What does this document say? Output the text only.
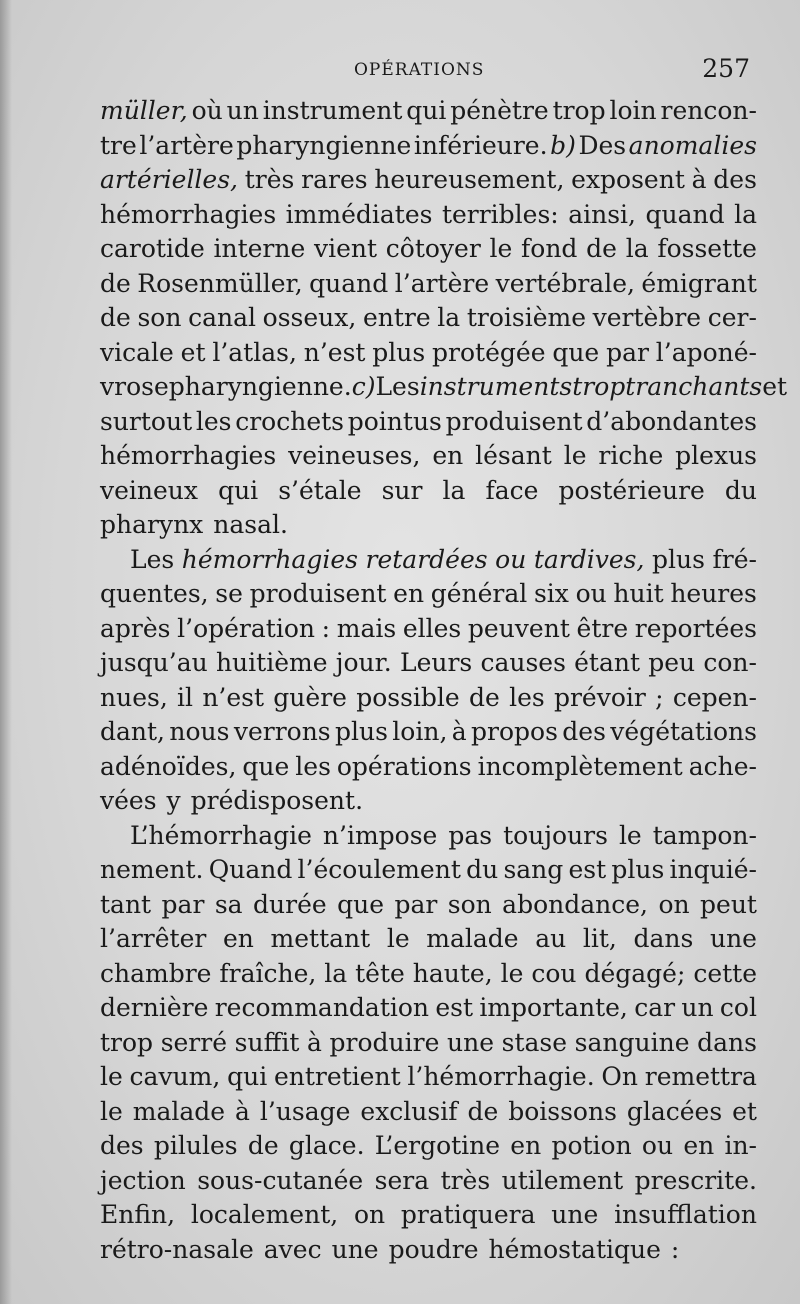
OPÉRATIONS	257
müller, où un instrument qui pénètre trop loin rencon-
tre l’artère pharyngienne inférieure. b) Des anomalies
artérielles, très rares heureusement, exposent à des
hémorrhagies immédiates terribles: ainsi, quand la
carotide interne vient côtoyer le fond de la fossette
de Rosenmüller, quand l’artère vertébrale, émigrant
de son canal osseux, entre la troisième vertèbre cer-
vicale et l’atlas, n’est plus protégée que par l’aponé-
vrose pharyngienne. c) Les instruments trop tranchants et
surtout les crochets pointus produisent d’abondantes
hémorrhagies veineuses, en lésant le riche plexus
veineux qui s’étale sur la face postérieure du
pharynx nasal.
Les hémorrhagies retardées ou tardives, plus fré-
quentes, se produisent en général six ou huit heures
après l’opération : mais elles peuvent être reportées
jusqu’au huitième jour. Leurs causes étant peu con-
nues, il n’est guère possible de les prévoir ; cepen-
dant, nous verrons plus loin, à propos des végétations
adénoïdes, que les opérations incomplètement ache-
vées y prédisposent.
L’hémorrhagie n’impose pas toujours le tampon-
nement. Quand l’écoulement du sang est plus inquié-
tant par sa durée que par son abondance, on peut
l’arrêter en mettant le malade au lit, dans une
chambre fraîche, la tête haute, le cou dégagé; cette
dernière recommandation est importante, car un col
trop serré suffit à produire une stase sanguine dans
le cavum, qui entretient l’hémorrhagie. On remettra
le malade à l’usage exclusif de boissons glacées et
des pilules de glace. L’ergotine en potion ou en in-
jection sous-cutanée sera très utilement prescrite.
Enfin, localement, on pratiquera une insufflation
rétro-nasale avec une poudre hémostatique :
